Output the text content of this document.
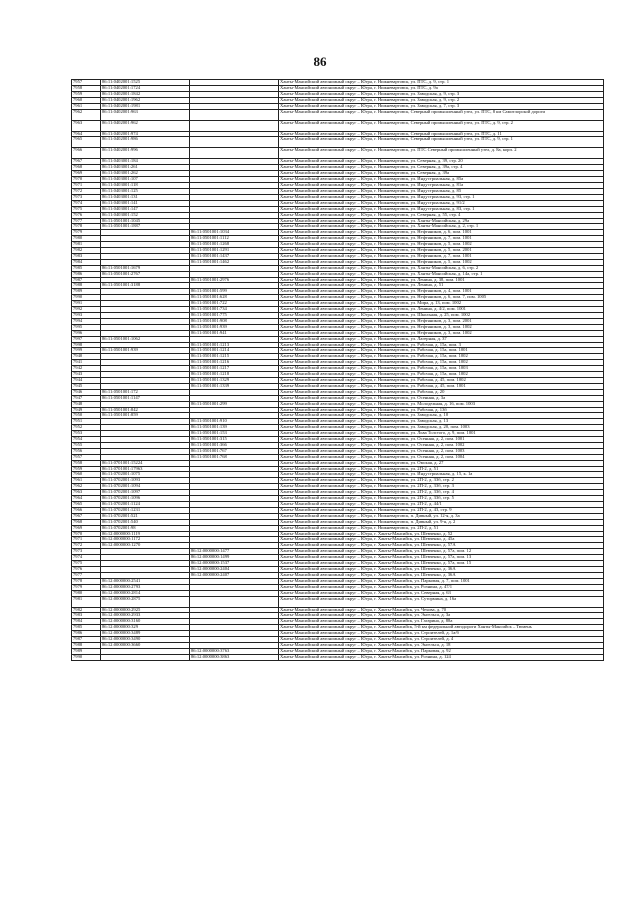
86
7957	86:11:0402001:1525		Ханты-Мансийский автономный округ – Югра, г. Нижневартовск, ул. ПТС, д. 9, стр. 1
7958	86:11:0402001:1724		Ханты-Мансийский автономный округ – Югра, г. Нижневартовск, ул. ПТС, д. 9а
7959	86:11:0402001:1842		Ханты-Мансийский автономный округ – Югра, г. Нижневартовск, ул. Заводская, д. 9, стр. 3
7960	86:11:0402001:1962		Ханты-Мансийский автономный округ – Югра, г. Нижневартовск, ул. Заводская, д. 9, стр. 2
7961	86:11:0402001:1981		Ханты-Мансийский автономный округ – Югра, г. Нижневартовск, ул. Заводская, д. 7, стр. 3
7962	86:11:0402001:963		Ханты-Мансийский автономный округ – Югра, г. Нижневартовск, Северный промышленный узел, ул. ПТС, 8 км Самотлорской дороги
7963	86:11:0402001:962		Ханты-Мансийский автономный округ – Югра, г. Нижневартовск, Северный промышленный узел, ул. ПТС, д. 9, стр. 2
7964	86:11:0402001:974		Ханты-Мансийский автономный округ – Югра, г. Нижневартовск, Северный промышленный узел, ул. ПТС, д. 11
7965	86:11:0402001:986		Ханты-Мансийский автономный округ – Югра, г. Нижневартовск, Северный промышленный узел, ул. ПТС, д. 9, стр. 1
7966	86:11:0402001:996		Ханты-Мансийский автономный округ – Югра, г. Нижневартовск, ул. ПТС Северный промышленный узел, д. 8а, корп. 2
7967	86:11:0403001:184		Ханты-Мансийский автономный округ – Югра, г. Нижневартовск, ул. Северная, д. 39, стр. 20
7968	86:11:0403001:261		Ханты-Мансийский автономный округ – Югра, г. Нижневартовск, ул. Северная, д. 39а, стр. 4
7969	86:11:0403001:262		Ханты-Мансийский автономный округ – Югра, г. Нижневартовск, ул. Северная, д. 39а
7970	86:11:0403001:107		Ханты-Мансийский автономный округ – Югра, г. Нижневартовск, ул. Индустриальная, д. 85а
7971	86:11:0403001:118		Ханты-Мансийский автономный округ – Югра, г. Нижневартовск, ул. Индустриальная, д. 81а
7972	86:11:0403001:125		Ханты-Мансийский автономный округ – Югра, г. Нижневартовск, ул. Индустриальная, д. 85
7973	86:11:0403001:131		Ханты-Мансийский автономный округ – Югра, г. Нижневартовск, ул. Индустриальная, д. 93, стр. 1
7974	86:11:0403001:141		Ханты-Мансийский автономный округ – Югра, г. Нижневартовск, ул. Индустриальная, д. 91/2
7975	86:11:0403001:147		Ханты-Мансийский автономный округ – Югра, г. Нижневартовск, ул. Индустриальная, д. 83, стр. 1
7976	86:11:0403001:152		Ханты-Мансийский автономный округ – Югра, г. Нижневартовск, ул. Северная, д. 55, стр. 4
7977	86:11:0501001:1045		Ханты-Мансийский автономный округ – Югра, г. Нижневартовск, ул. Ханты-Мансийская, д. 29а
7978	86:11:0501001:1887		Ханты-Мансийский автономный округ – Югра, г. Нижневартовск, ул. Ханты-Мансийская, д. 2, стр. 1
7979		86:11:0501001:1034	Ханты-Мансийский автономный округ – Югра, г. Нижневартовск, ул. Нефтяников, д. 6, пом. 1001
7980		86:11:0501001:1112	Ханты-Мансийский автономный округ – Югра, г. Нижневартовск, ул. Нефтяников, д. 7, пом. 1001
7981		86:11:0501001:1268	Ханты-Мансийский автономный округ – Югра, г. Нижневартовск, ул. Нефтяников, д. 5, пом. 1002
7982		86:11:0501001:1291	Ханты-Мансийский автономный округ – Югра, г. Нижневартовск, ул. Нефтяников, д. 5, пом. 2001
7983		86:11:0501001:1437	Ханты-Мансийский автономный округ – Югра, г. Нижневартовск, ул. Нефтяников, д. 7, пом. 1001
7984		86:11:0501001:1462	Ханты-Мансийский автономный округ – Югра, г. Нижневартовск, ул. Нефтяников, д. 5, пом. 1002
7985	86:11:0501001:1679		Ханты-Мансийский автономный округ – Югра, г. Нижневартовск, ул. Ханты-Мансийская, д. 6, стр. 2
7986	86:11:0501001:2767		Ханты-Мансийский автономный округ – Югра, г. Нижневартовск, ул. Ханты-Мансийская, д. 14а, стр. 1
7987		86:11:0501001:2976	Ханты-Мансийский автономный округ – Югра, г. Нижневартовск, ул. Ленина, д. 38, пом. 1001
7988	86:11:0501001:3188		Ханты-Мансийский автономный округ – Югра, г. Нижневартовск, ул. Ленина, д. 51
7989		86:11:0501001:599	Ханты-Мансийский автономный округ – Югра, г. Нижневартовск, ул. Нефтяников, д. 4, пом. 1001
7990		86:11:0501001:628	Ханты-Мансийский автономный округ – Югра, г. Нижневартовск, ул. Нефтяников, д. 6, пом. 7, пом. 1005
7991		86:11:0501001:722	Ханты-Мансийский автономный округ – Югра, г. Нижневартовск, ул. Мира, д. 13, пом. 1002
7992		86:11:0501001:734	Ханты-Мансийский автономный округ – Югра, г. Нижневартовск, ул. Ленина, д. 4/2, пом. 1001
7993		86:11:0501001:775	Ханты-Мансийский автономный округ – Югра, г. Нижневартовск, ул. Школьная, д. 25, пом. 1002
7994		86:11:0501001:908	Ханты-Мансийский автономный округ – Югра, г. Нижневартовск, ул. Нефтяников, д. 3, пом. 2001
7995		86:11:0501001:939	Ханты-Мансийский автономный округ – Югра, г. Нижневартовск, ул. Нефтяников, д. 3, пом. 1002
7996		86:11:0501001:941	Ханты-Мансийский автономный округ – Югра, г. Нижневартовск, ул. Нефтяников, д. 3, пом. 1002
7997	86:11:0501001:1062		Ханты-Мансийский автономный округ – Югра, г. Нижневартовск, ул. Лагерная, д. 37
7998		86:11:0501001:1213	Ханты-Мансийский автономный округ – Югра, г. Нижневартовск, ул. Рабочая, д. 15а, пом. 3
7999	86:11:0501001:939	86:11:0501001:1214	Ханты-Мансийский автономный округ – Югра, г. Нижневартовск, ул. Рабочая, д. 15а, пом. 1001
7940		86:11:0501001:1215	Ханты-Мансийский автономный округ – Югра, г. Нижневартовск, ул. Рабочая, д. 15а, пом. 1002
7941		86:11:0501001:1216	Ханты-Мансийский автономный округ – Югра, г. Нижневартовск, ул. Рабочая, д. 15а, пом. 1002
7942		86:11:0501001:1217	Ханты-Мансийский автономный округ – Югра, г. Нижневартовск, ул. Рабочая, д. 15а, пом. 1003
7943		86:11:0501001:1218	Ханты-Мансийский автономный округ – Югра, г. Нижневартовск, ул. Рабочая, д. 15а, пом. 1002
7944		86:11:0501001:1329	Ханты-Мансийский автономный округ – Югра, г. Нижневартовск, ул. Рабочая, д. 45, пом. 1002
7945		86:11:0501001:1339	Ханты-Мансийский автономный округ – Югра, г. Нижневартовск, ул. Рабочая, д. 45, пом. 1001
7946	86:11:0501001:172		Ханты-Мансийский автономный округ – Югра, г. Нижневартовск, ул. Рабочая, д. 20
7947	86:11:0501001:1147		Ханты-Мансийский автономный округ – Югра, г. Нижневартовск, ул. Осенняя, д. 3а
7948		86:11:0501001:299	Ханты-Мансийский автономный округ – Югра, г. Нижневартовск, ул. Молодежная, д. 16, пом. 1003
7949	86:11:0501001:842		Ханты-Мансийский автономный округ – Югра, г. Нижневартовск, ул. Рабочая, д. 13б
7950	86:11:0501001:859		Ханты-Мансийский автономный округ – Югра, г. Нижневартовск, ул. Заводская, д. 10
7951		86:11:0501001:910	Ханты-Мансийский автономный округ – Югра, г. Нижневартовск, ул. Заводская, д. 13
7952		86:11:0501001:139	Ханты-Мансийский автономный округ – Югра, г. Нижневартовск, ул. Заводская, д. 20, пом. 1003
7953		86:11:0501001:153	Ханты-Мансийский автономный округ – Югра, г. Нижневартовск, ул. Льва Толстого, д. 9, пом. 1001
7954		86:11:0501001:315	Ханты-Мансийский автономный округ – Югра, г. Нижневартовск, ул. Осенняя, д. 2, пом. 1001
7955		86:11:0501001:366	Ханты-Мансийский автономный округ – Югра, г. Нижневартовск, ул. Осенняя, д. 2, пом. 1002
7956		86:11:0501001:767	Ханты-Мансийский автономный округ – Югра, г. Нижневартовск, ул. Осенняя, д. 2, пом. 1003
7957		86:11:0501001:768	Ханты-Мансийский автономный округ – Югра, г. Нижневартовск, ул. Осенняя, д. 2, пом. 1004
7958	86:11:0701001:15224		Ханты-Мансийский автономный округ – Югра, г. Нижневартовск, ул. Омская, д. 27
7959	86:11:0701001:17963		Ханты-Мансийский автономный округ – Югра, г. Нижневартовск, ул. 2П-2, д. 51
7960	86:11:0702001:1075		Ханты-Мансийский автономный округ – Югра, г. Нижневартовск, ул. Индустриальная, д. 15, к. 1а
7961	86:11:0702001:1093		Ханты-Мансийский автономный округ – Югра, г. Нижневартовск, ул. 2П-2, д. 33б, стр. 2
7962	86:11:0702001:1094		Ханты-Мансийский автономный округ – Югра, г. Нижневартовск, ул. 2П-2, д. 33б, стр. 3
7963	86:11:0702001:1097		Ханты-Мансийский автономный округ – Югра, г. Нижневартовск, ул. 2П-2, д. 33б, стр. 4
7964	86:11:0702001:1096		Ханты-Мансийский автономный округ – Югра, г. Нижневартовск, ул. 2П-2, д. 33б, стр. 5
7965	86:11:0702001:1124		Ханты-Мансийский автономный округ – Югра, г. Нижневартовск, ул. 2П-2, д. 44/1
7966	86:11:0702001:1231		Ханты-Мансийский автономный округ – Югра, г. Нижневартовск, ул. 2П-2, д. 43, стр. 9
7967	86:11:0702001:521		Ханты-Мансийский автономный округ – Югра, г. Нижневартовск, п. Дивный, ул. 12-я, д. 3а
7968	86:11:0702001:540		Ханты-Мансийский автономный округ – Югра, г. Нижневартовск, п. Дивный, ул. 9-я, д. 2
7969	86:11:0702001:98		Ханты-Мансийский автономный округ – Югра, г. Нижневартовск, ул. 2П-2, д. 51
7970	86:12:0000000:1119		Ханты-Мансийский автономный округ – Югра, г. Ханты-Мансийск, ул. Шевченко, д. 52
7971	86:12:0000000:1172		Ханты-Мансийский автономный округ – Югра, г. Ханты-Мансийск, ул. Шевченко, д. 45а
7972	86:12:0000000:1270		Ханты-Мансийский автономный округ – Югра, г. Ханты-Мансийск, ул. Шевченко, д. 57А
7973		86:12:0000000:1477	Ханты-Мансийский автономный округ – Югра, г. Ханты-Мансийск, ул. Шевченко, д. 57а, пом. 12
7974		86:12:0000000:1499	Ханты-Мансийский автономный округ – Югра, г. Ханты-Мансийск, ул. Шевченко, д. 57а, пом. 13
7975		86:12:0000000:1537	Ханты-Мансийский автономный округ – Югра, г. Ханты-Мансийск, ул. Шевченко, д. 57а, пом. 15
7976		86:12:0000000:2404	Ханты-Мансийский автономный округ – Югра, г. Ханты-Мансийск, ул. Шевченко, д. 36А
7977		86:12:0000000:2407	Ханты-Мансийский автономный округ – Югра, г. Ханты-Мансийск, ул. Шевченко, д. 36А
7978	86:12:0000000:2541		Ханты-Мансийский автономный округ – Югра, г. Ханты-Мансийск, ул. Парковая, д. 7, пом. 1001
7979	86:12:0000000:2793		Ханты-Мансийский автономный округ – Югра, г. Ханты-Мансийск, ул. Рознина, д. 47/1
7980	86:12:0000000:2814		Ханты-Мансийский автономный округ – Югра, г. Ханты-Мансийск, ул. Северная, д. 63
7981	86:12:0000000:2875		Ханты-Мансийский автономный округ – Югра, г. Ханты-Мансийск, ул. Сутормина, д. 16а
7982	86:12:0000000:2925		Ханты-Мансийский автономный округ – Югра, г. Ханты-Мансийск, ул. Чехова, д. 70
7983	86:12:0000000:2933		Ханты-Мансийский автономный округ – Югра, г. Ханты-Мансийск, ул. Энгельса, д. 3а
7984	86:12:0000000:3160		Ханты-Мансийский автономный округ – Югра, г. Ханты-Мансийск, ул. Гагарина, д. 88а
7985	86:12:0000000:329		Ханты-Мансийский автономный округ – Югра, г. Ханты-Мансийск, 5-й км федеральной автодороги Ханты-Мансийск – Тюмень
7986	86:12:0000000:3489		Ханты-Мансийский автономный округ – Югра, г. Ханты-Мансийск, ул. Строителей, д. 1а/б
7987	86:12:0000000:3490		Ханты-Мансийский автономный округ – Югра, г. Ханты-Мансийск, ул. Строителей, д. 4
7988	86:12:0000000:3660		Ханты-Мансийский автономный округ – Югра, г. Ханты-Мансийск, ул. Энгельса, д. 18
7989		86:12:0000000:3763	Ханты-Мансийский автономный округ – Югра, г. Ханты-Мансийск, ул. Парковая, д. 92
7990		86:12:0000000:3863	Ханты-Мансийский автономный округ – Югра, г. Ханты-Мансийск, ул. Рознина, д. 124
